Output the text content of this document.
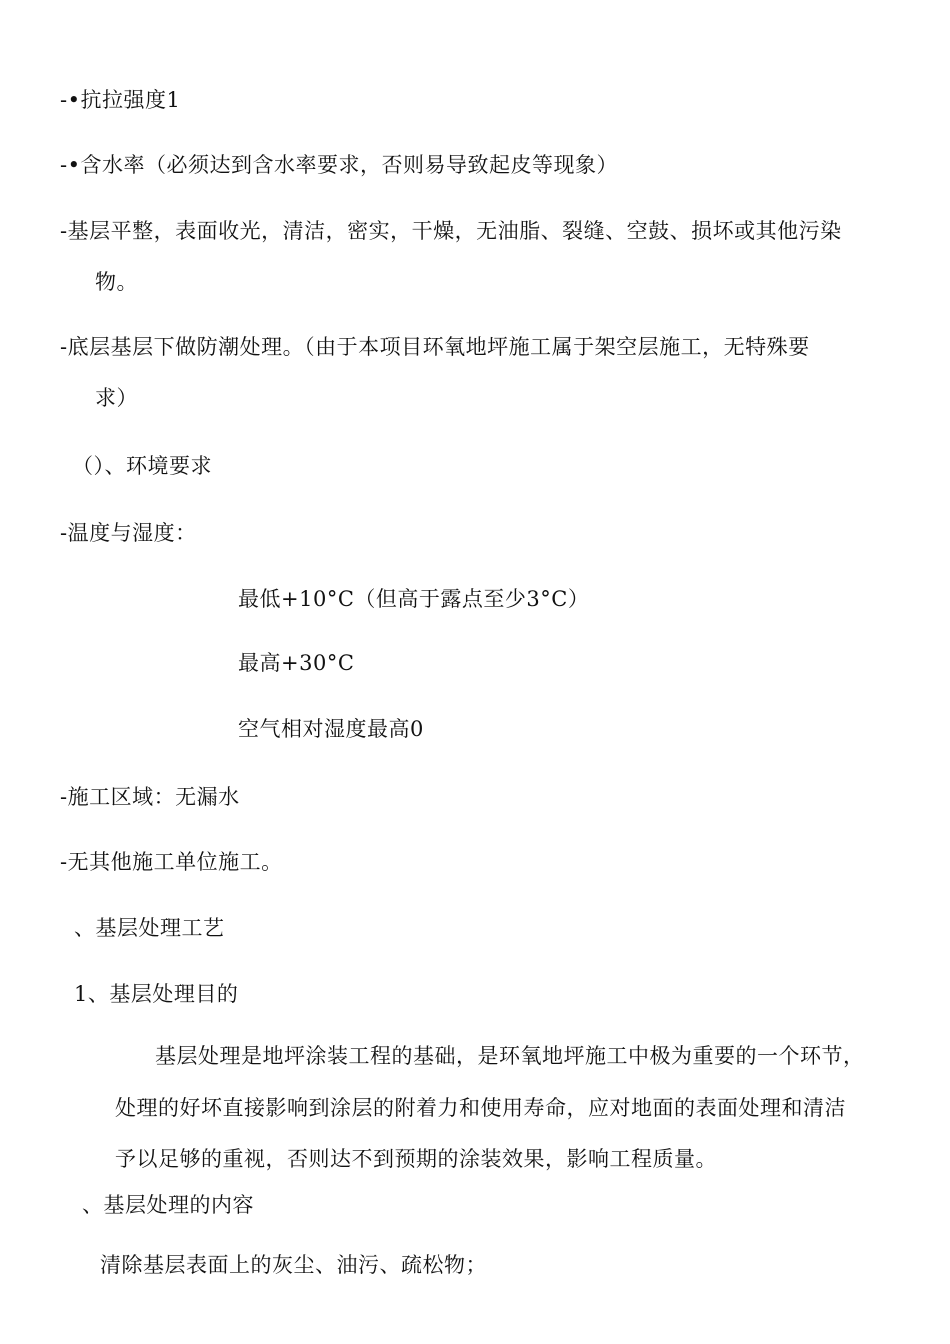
-•抗拉强度1
-•含水率（必须达到含水率要求，否则易导致起皮等现象）
-基层平整，表面收光，清洁，密实，干燥，无油脂、裂缝、空鼓、损坏或其他污染
物。
-底层基层下做防潮处理。（由于本项目环氧地坪施工属于架空层施工，无特殊要
求）
（）、环境要求
-温度与湿度：
最低+10°C（但高于露点至少3°C）
最高+30°C
空气相对湿度最高0
-施工区域：无漏水
-无其他施工单位施工。
、基层处理工艺
1、基层处理目的
基层处理是地坪涂装工程的基础，是环氧地坪施工中极为重要的一个环节，
处理的好坏直接影响到涂层的附着力和使用寿命，应对地面的表面处理和清洁
予以足够的重视，否则达不到预期的涂装效果，影响工程质量。
、基层处理的内容
清除基层表面上的灰尘、油污、疏松物；
